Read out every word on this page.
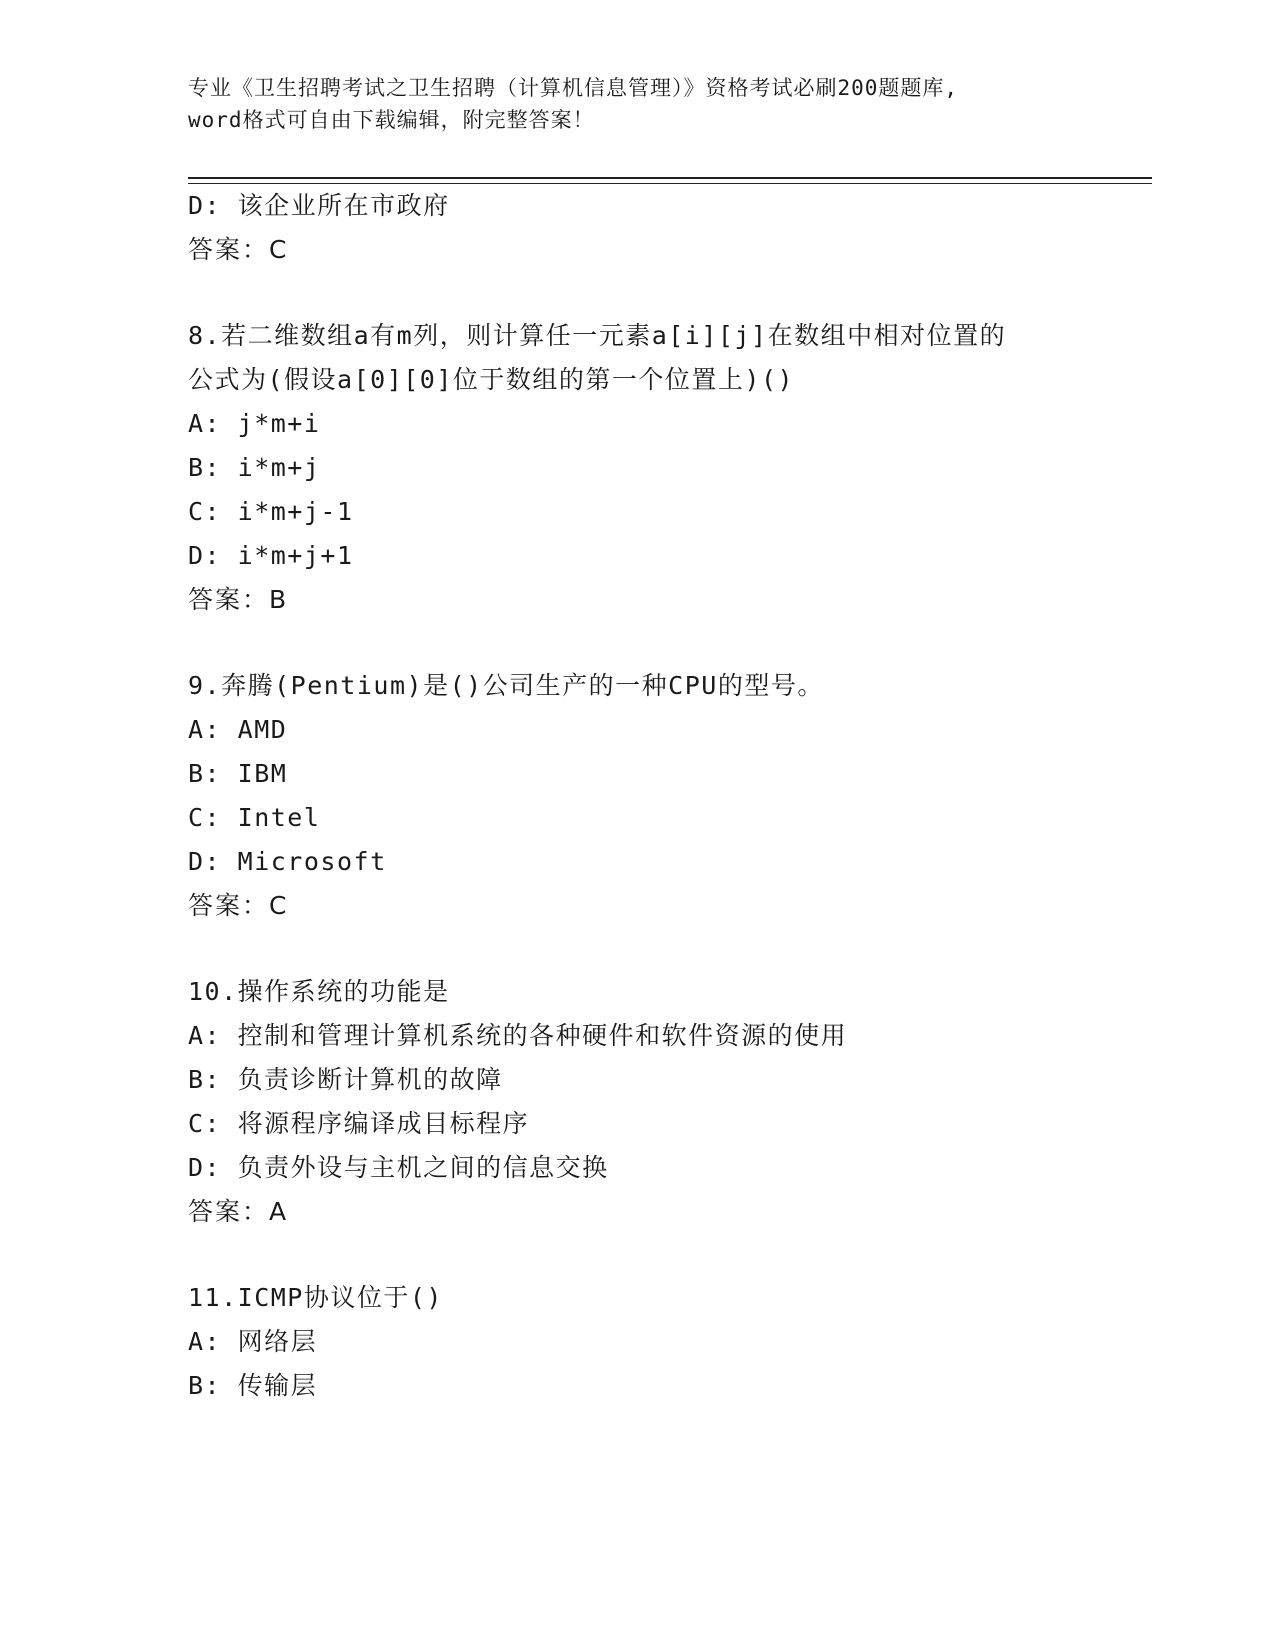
专业《卫生招聘考试之卫生招聘（计算机信息管理）》资格考试必刷200题题库,
word格式可自由下载编辑，附完整答案！
D: 该企业所在市政府
答案：C
8.若二维数组a有m列，则计算任一元素a[i][j]在数组中相对位置的
公式为(假设a[0][0]位于数组的第一个位置上)()
A: j*m+i
B: i*m+j
C: i*m+j-1
D: i*m+j+1
答案：B
9.奔腾(Pentium)是()公司生产的一种CPU的型号。
A: AMD
B: IBM
C: Intel
D: Microsoft
答案：C
10.操作系统的功能是
A: 控制和管理计算机系统的各种硬件和软件资源的使用
B: 负责诊断计算机的故障
C: 将源程序编译成目标程序
D: 负责外设与主机之间的信息交换
答案：A
11.ICMP协议位于()
A: 网络层
B: 传输层
